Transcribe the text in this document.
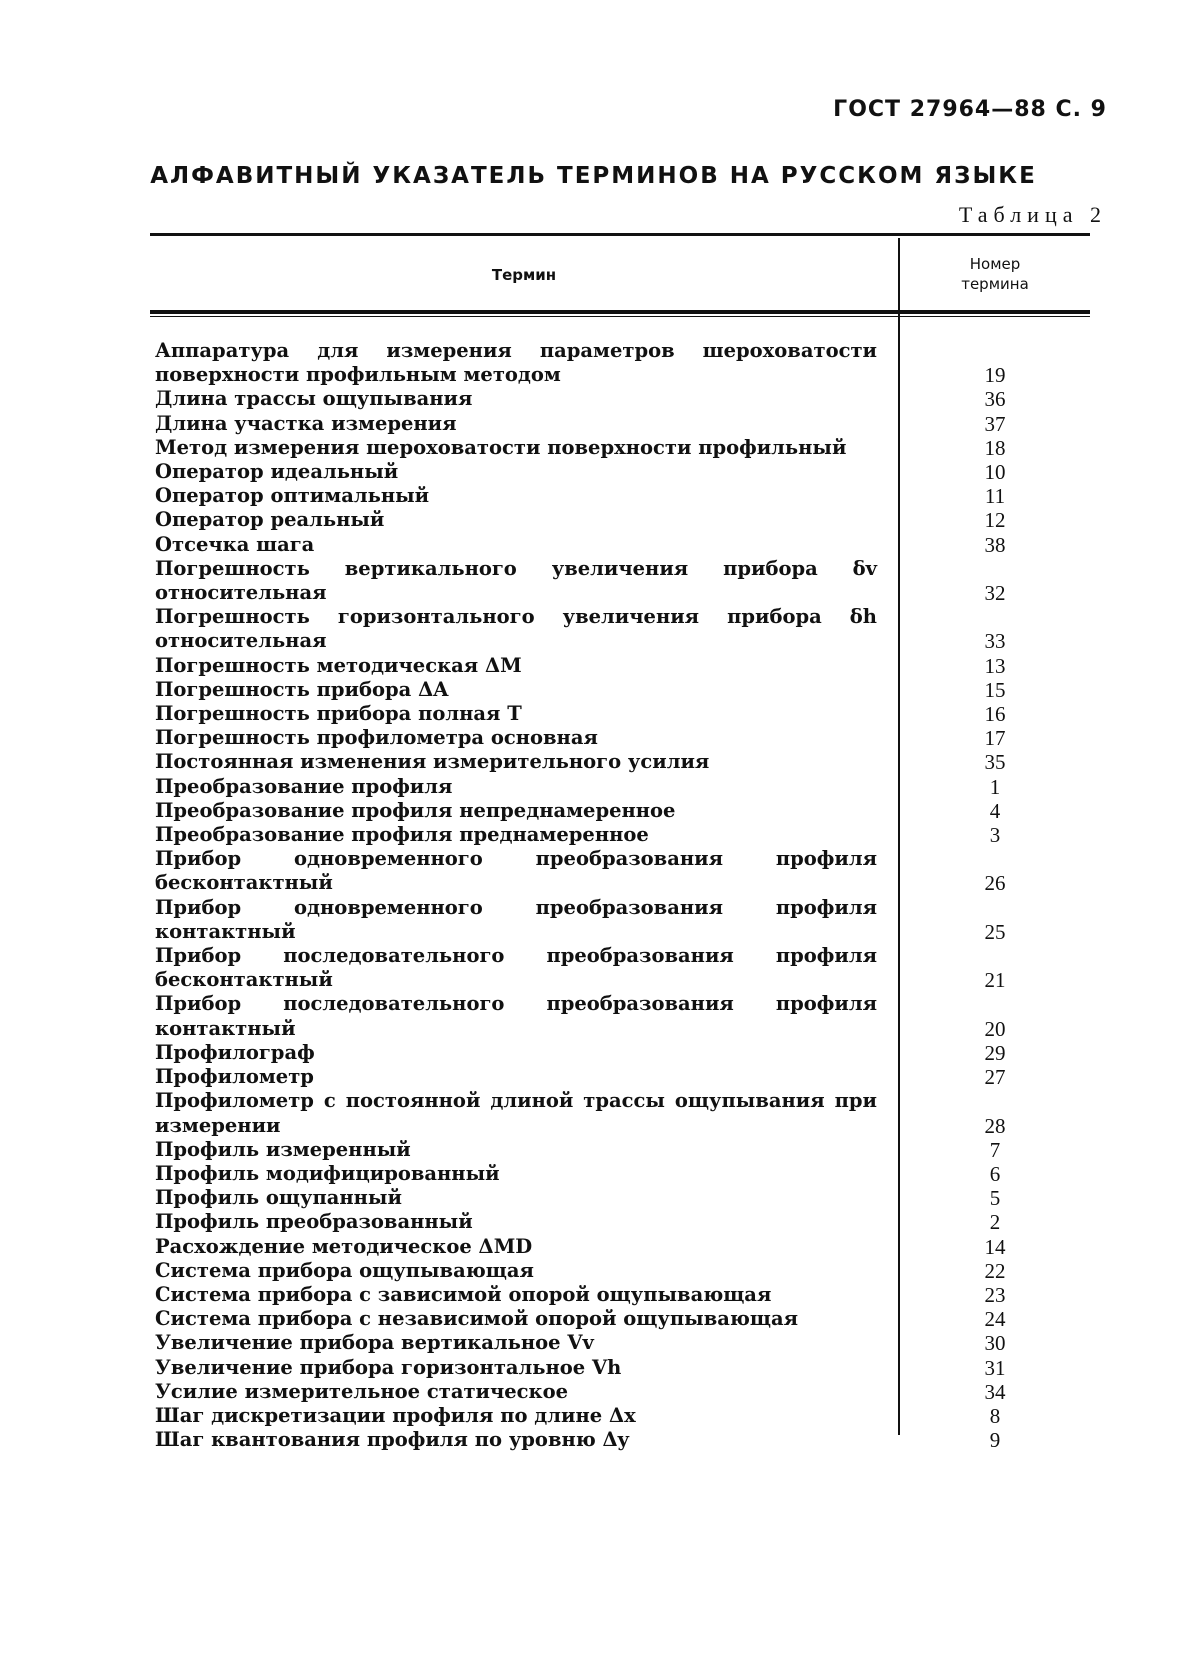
ГОСТ 27964—88 С. 9
АЛФАВИТНЫЙ УКАЗАТЕЛЬ ТЕРМИНОВ НА РУССКОМ ЯЗЫКЕ
Таблица 2
Термин
Номер
термина
Аппаратура для измерения параметров шероховатости поверхности профильным методом	19
Длина трассы ощупывания	36
Длина участка измерения	37
Метод измерения шероховатости поверхности профильный	18
Оператор идеальный	10
Оператор оптимальный	11
Оператор реальный	12
Отсечка шага	38
Погрешность вертикального увеличения прибора δv относительная	32
Погрешность горизонтального увеличения прибора δh относительная	33
Погрешность методическая ΔM	13
Погрешность прибора ΔA	15
Погрешность прибора полная T	16
Погрешность профилометра основная	17
Постоянная изменения измерительного усилия	35
Преобразование профиля	1
Преобразование профиля непреднамеренное	4
Преобразование профиля преднамеренное	3
Прибор одновременного преобразования профиля бесконтактный	26
Прибор одновременного преобразования профиля контактный	25
Прибор последовательного преобразования профиля бесконтактный	21
Прибор последовательного преобразования профиля контактный	20
Профилограф	29
Профилометр	27
Профилометр с постоянной длиной трассы ощупывания при измерении	28
Профиль измеренный	7
Профиль модифицированный	6
Профиль ощупанный	5
Профиль преобразованный	2
Расхождение методическое ΔMD	14
Система прибора ощупывающая	22
Система прибора с зависимой опорой ощупывающая	23
Система прибора с независимой опорой ощупывающая	24
Увеличение прибора вертикальное Vv	30
Увеличение прибора горизонтальное Vh	31
Усилие измерительное статическое	34
Шаг дискретизации профиля по длине Δx	8
Шаг квантования профиля по уровню Δy	9
